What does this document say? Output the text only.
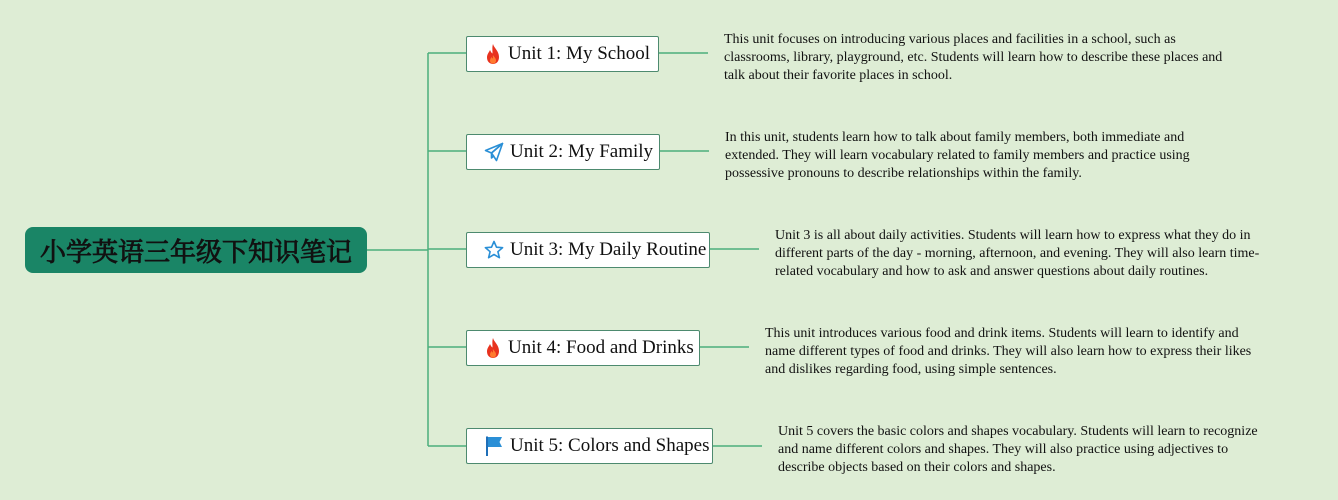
小学英语三年级下知识笔记
Unit 1: My School
This unit focuses on introducing various places and facilities in a school, such as classrooms, library, playground, etc. Students will learn how to describe these places and talk about their favorite places in school.
Unit 2: My Family
In this unit, students learn how to talk about family members, both immediate and extended. They will learn vocabulary related to family members and practice using possessive pronouns to describe relationships within the family.
Unit 3: My Daily Routine
Unit 3 is all about daily activities. Students will learn how to express what they do in different parts of the day - morning, afternoon, and evening. They will also learn time-related vocabulary and how to ask and answer questions about daily routines.
Unit 4: Food and Drinks
This unit introduces various food and drink items. Students will learn to identify and name different types of food and drinks. They will also learn how to express their likes and dislikes regarding food, using simple sentences.
Unit 5: Colors and Shapes
Unit 5 covers the basic colors and shapes vocabulary. Students will learn to recognize and name different colors and shapes. They will also practice using adjectives to describe objects based on their colors and shapes.
